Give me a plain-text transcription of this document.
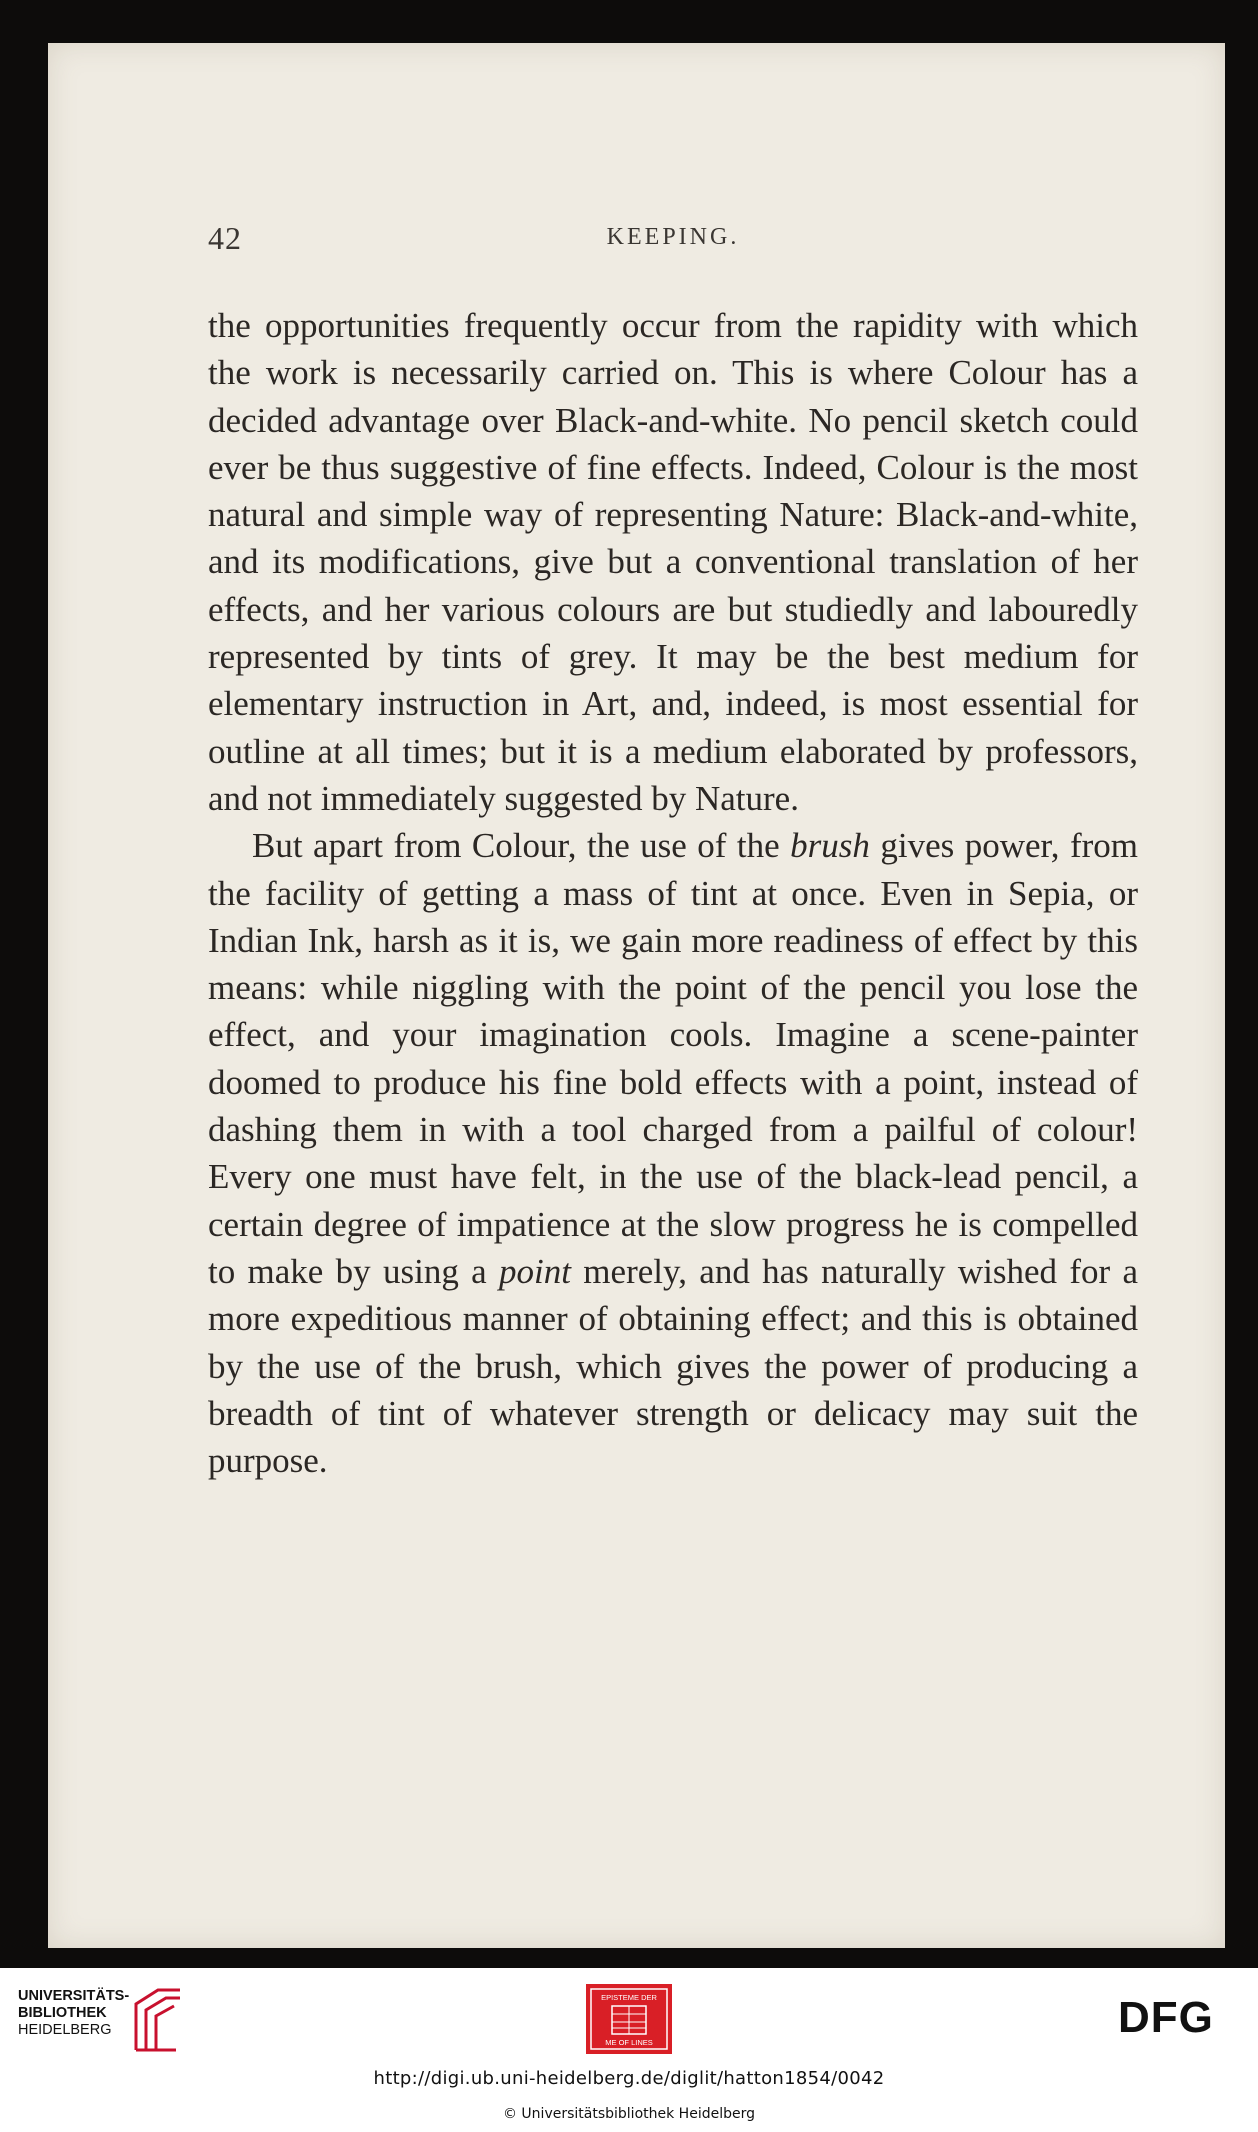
42	KEEPING.

the opportunities frequently occur from the rapidity with which the work is necessarily carried on. This is where Colour has a decided advantage over Black-and-white. No pencil sketch could ever be thus suggestive of fine effects. Indeed, Colour is the most natural and simple way of representing Nature: Black-and-white, and its modifications, give but a conventional translation of her effects, and her various colours are but studiedly and labouredly represented by tints of grey. It may be the best medium for elementary instruction in Art, and, indeed, is most essential for outline at all times; but it is a medium elaborated by professors, and not immediately suggested by Nature.

But apart from Colour, the use of the brush gives power, from the facility of getting a mass of tint at once. Even in Sepia, or Indian Ink, harsh as it is, we gain more readiness of effect by this means: while niggling with the point of the pencil you lose the effect, and your imagination cools. Imagine a scene-painter doomed to produce his fine bold effects with a point, instead of dashing them in with a tool charged from a pailful of colour! Every one must have felt, in the use of the black-lead pencil, a certain degree of impatience at the slow progress he is compelled to make by using a point merely, and has naturally wished for a more expeditious manner of obtaining effect; and this is obtained by the use of the brush, which gives the power of producing a breadth of tint of whatever strength or delicacy may suit the purpose.

UNIVERSITÄTS-
BIBLIOTHEK
HEIDELBERG
EPISTEME DER
ME OF LINES
DFG
http://digi.ub.uni-heidelberg.de/diglit/hatton1854/0042
© Universitätsbibliothek Heidelberg
